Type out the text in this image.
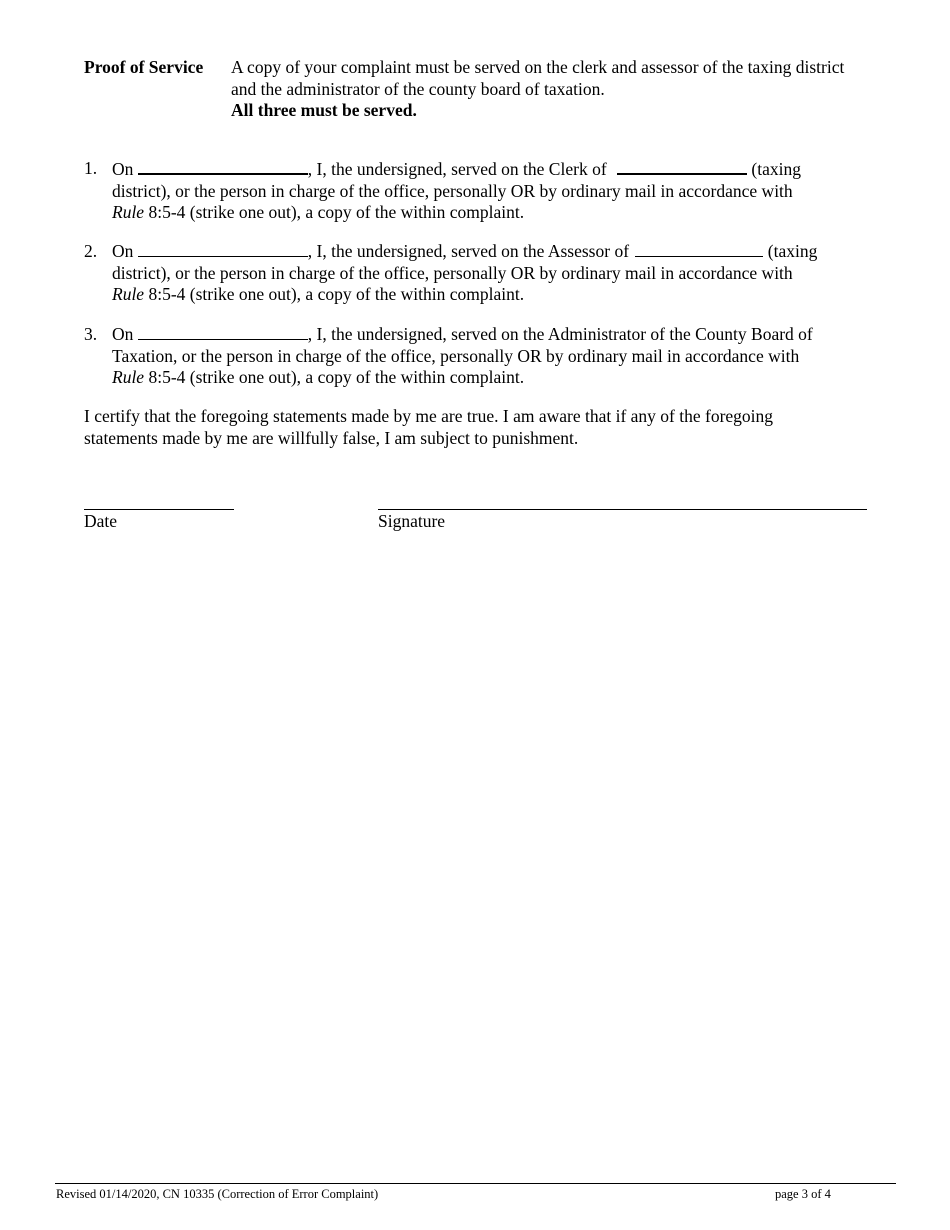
Proof of Service A copy of your complaint must be served on the clerk and assessor of the taxing district and the administrator of the county board of taxation.
All three must be served.
1. On	, I, the undersigned, served on the Clerk of	(taxing
district), or the person in charge of the office, personally OR by ordinary mail in accordance with
Rule 8:5-4 (strike one out), a copy of the within complaint.
2. On	, I, the undersigned, served on the Assessor of	(taxing
district), or the person in charge of the office, personally OR by ordinary mail in accordance with
Rule 8:5-4 (strike one out), a copy of the within complaint.
3. On	, I, the undersigned, served on the Administrator of the County Board of
Taxation, or the person in charge of the office, personally OR by ordinary mail in accordance with
Rule 8:5-4 (strike one out), a copy of the within complaint.
I certify that the foregoing statements made by me are true. I am aware that if any of the foregoing statements made by me are willfully false, I am subject to punishment.
Date	Signature
Revised 01/14/2020, CN 10335 (Correction of Error Complaint)	page 3 of 4
